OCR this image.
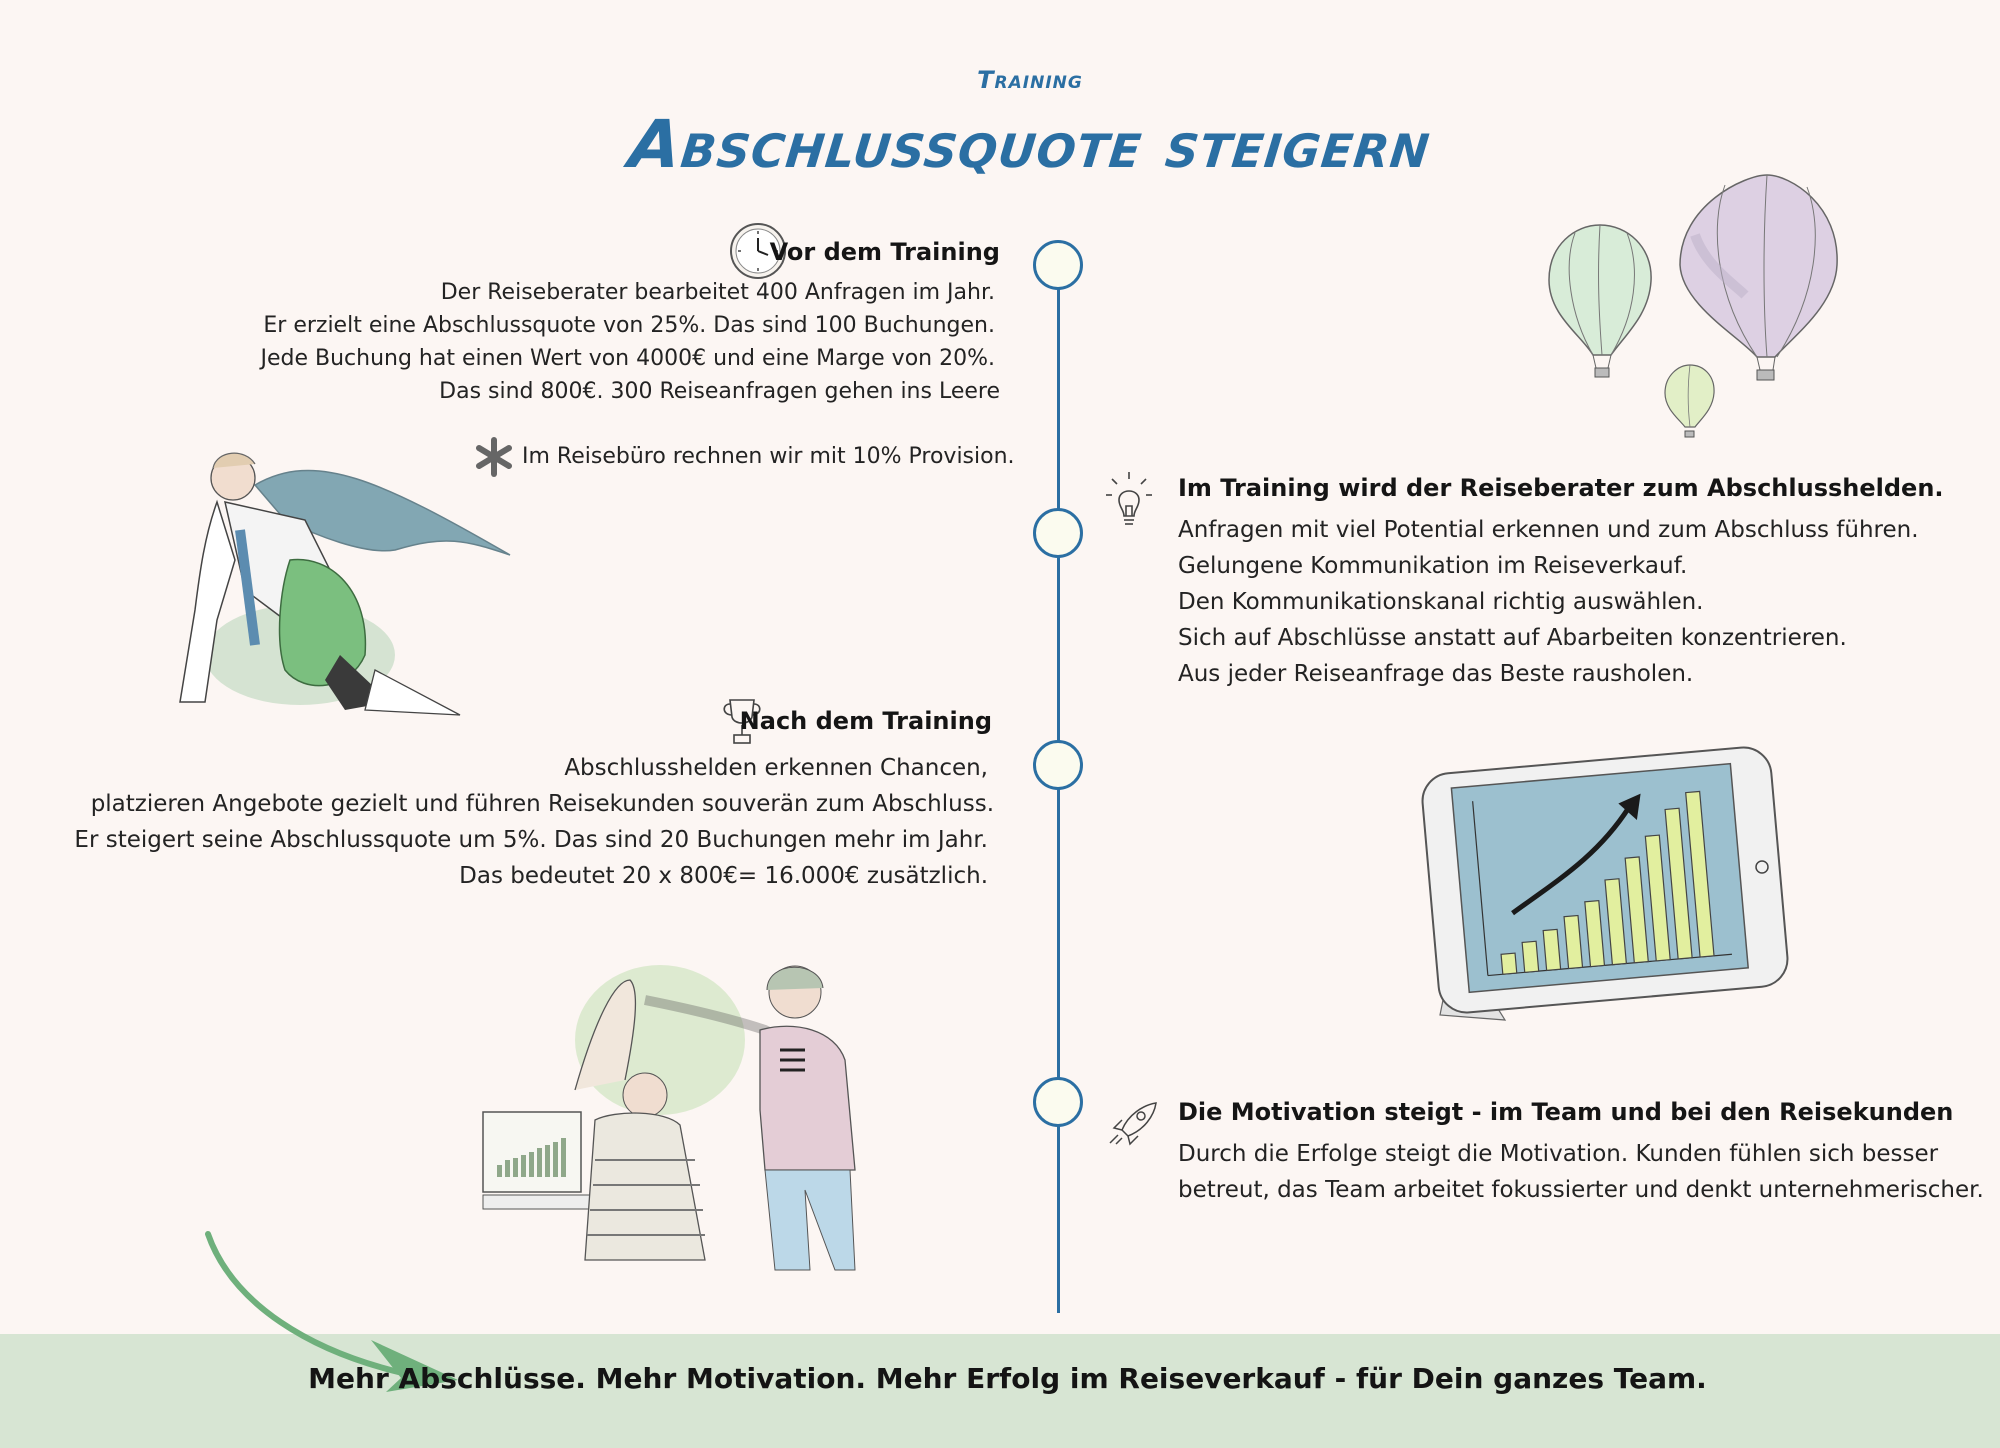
Training
Abschlussquote steigern
Vor dem Training
Der Reiseberater bearbeitet 400 Anfragen im Jahr.
Er erzielt eine Abschlussquote von 25%. Das sind 100 Buchungen.
Jede Buchung hat einen Wert von 4000€ und eine Marge von 20%.
Das sind 800€. 300 Reiseanfragen gehen ins Leere
Im Reisebüro rechnen wir mit 10% Provision.
Im Training wird der Reiseberater zum Abschlusshelden.
Anfragen mit viel Potential erkennen und zum Abschluss führen.
Gelungene Kommunikation im Reiseverkauf.
Den Kommunikationskanal richtig auswählen.
Sich auf Abschlüsse anstatt auf Abarbeiten konzentrieren.
Aus jeder Reiseanfrage das Beste rausholen.
Nach dem Training
Abschlusshelden erkennen Chancen,
platzieren Angebote gezielt und führen Reisekunden souverän zum Abschluss.
Er steigert seine Abschlussquote um 5%. Das sind 20 Buchungen mehr im Jahr.
Das bedeutet 20 x 800€= 16.000€ zusätzlich.
Die Motivation steigt - im Team und bei den Reisekunden
Durch die Erfolge steigt die Motivation. Kunden fühlen sich besser
betreut, das Team arbeitet fokussierter und denkt unternehmerischer.
Mehr Abschlüsse. Mehr Motivation. Mehr Erfolg im Reiseverkauf - für Dein ganzes Team.
